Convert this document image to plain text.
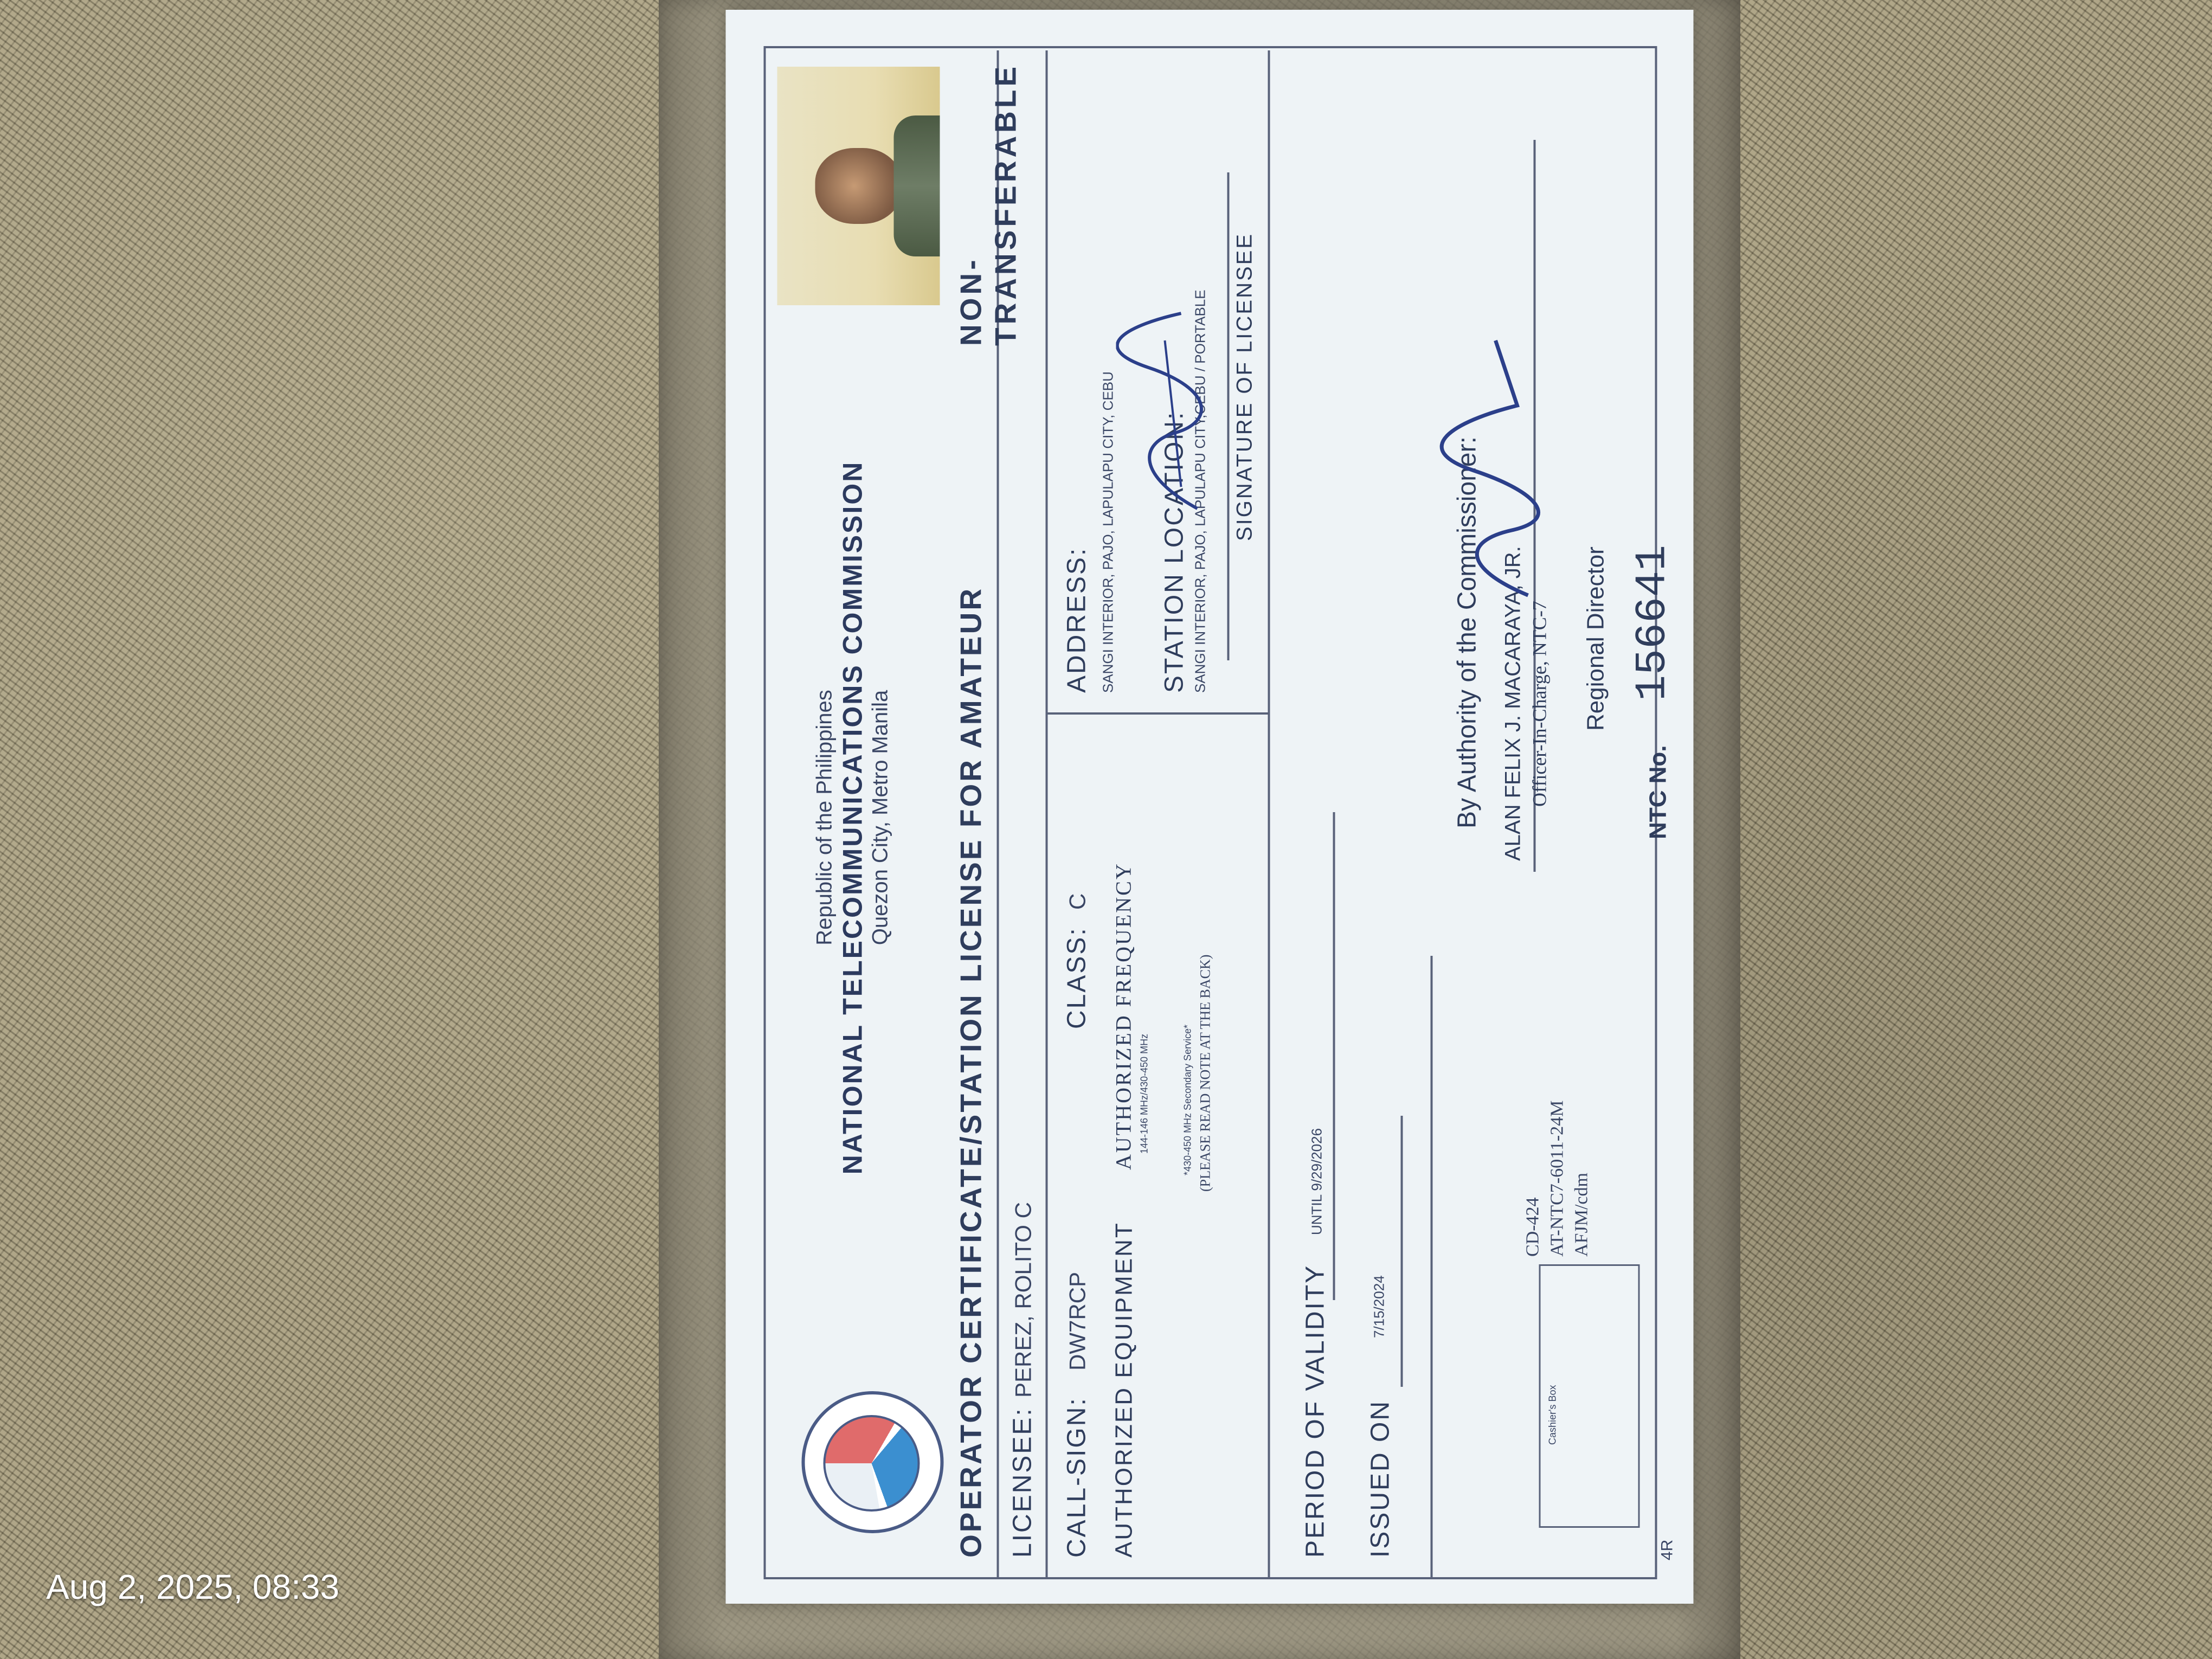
Republic of the Philippines NATIONAL TELECOMMUNICATIONS COMMISSION Quezon City, Metro Manila OPERATOR CERTIFICATE/STATION LICENSE FOR AMATEUR
NON-TRANSFERABLE
LICENSEE:
PEREZ, ROLITO C
CALL-SIGN:
DW7RCP
CLASS:
C
ADDRESS: SANGI INTERIOR, PAJO, LAPULAPU CITY, CEBU
AUTHORIZED EQUIPMENT
AUTHORIZED FREQUENCY 144-146 MHz/430-450 MHz	*430-450 MHz Secondary Service* (PLEASE READ NOTE AT THE BACK)
STATION LOCATION: SANGI INTERIOR, PAJO, LAPULAPU CITY,CEBU / PORTABLE SIGNATURE OF LICENSEE
PERIOD OF VALIDITY
UNTIL 9/29/2026
ISSUED ON
7/15/2024
CD-424 AT-NTC7-6011-24M AFJM/cdm
Cashier's Box
4R
By Authority of the Commissioner: ALAN FELIX J. MACARAYA, JR. Officer-In-Charge, NTC-7 Regional Director
NTC No.
156641
Aug 2, 2025, 08:33
